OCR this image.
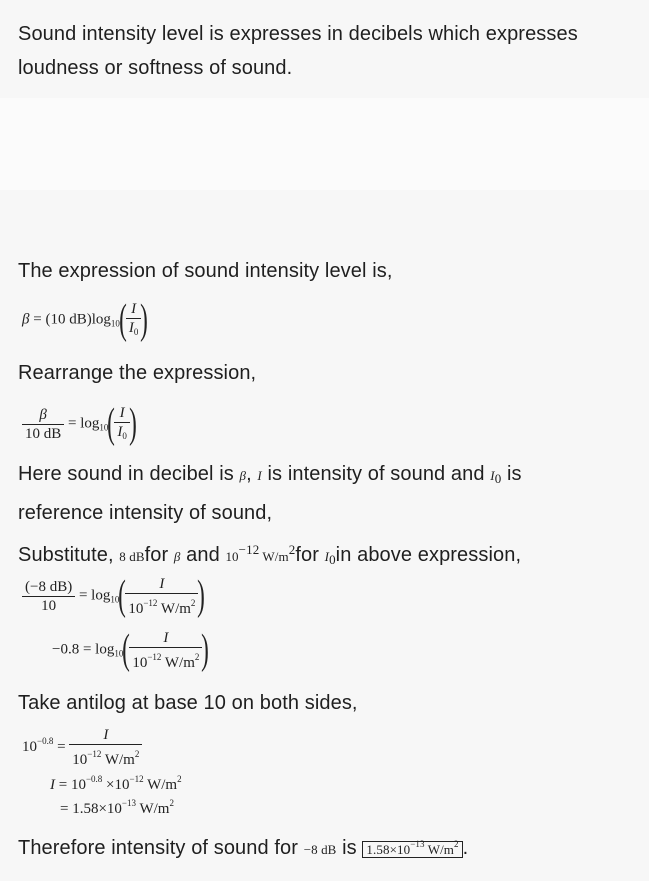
Sound intensity level is expresses in decibels which expresses
loudness or softness of sound.
The expression of sound intensity level is,
β = (10 $dB)\log_{10}( \frac{I}{I_0}$ )
Rearrange the expression,
$\frac{\beta}{10 dB} = \log_{10}( \frac{I}{I_0}$ )
Here sound in decibel is β, I is intensity of sound and $I_0$ is
reference intensity of sound,
Substitute, 8 dBfor β and $10^{-12}$ $W/m^2for$ $I_0in$ above expression,
$\frac{(-8 dB)}{10} = \log_{10}( \frac{I}{10^{-12} W/m^2}$ )
$-0.8 = \log_{10}( \frac{I}{10^{-12} W/m^2}$ )
Take antilog at base 10 on both sides,
$10^{-0.8} = \frac{I}{10^{-12} W/m^2}$
$I = 10^{-0.8} \times 10^{-12}$ $W/m^2$
= $1.58\times 10^{-13}$ $W/m^2$
Therefore intensity of sound for −8 dB is $1.58\times 10^{-13}$ $W/m^2$ .
